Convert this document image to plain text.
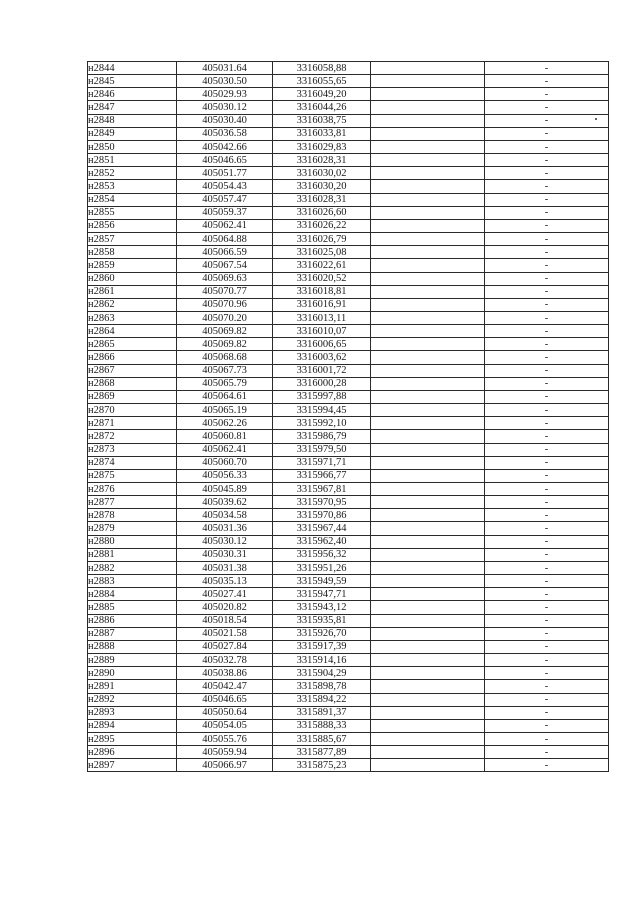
н2844	405031.64	3316058,88		-
н2845	405030.50	3316055,65		-
н2846	405029.93	3316049,20		-
н2847	405030.12	3316044,26		-
н2848	405030.40	3316038,75		-
н2849	405036.58	3316033,81		-
н2850	405042.66	3316029,83		-
н2851	405046.65	3316028,31		-
н2852	405051.77	3316030,02		-
н2853	405054.43	3316030,20		-
н2854	405057.47	3316028,31		-
н2855	405059.37	3316026,60		-
н2856	405062.41	3316026,22		-
н2857	405064.88	3316026,79		-
н2858	405066.59	3316025,08		-
н2859	405067.54	3316022,61		-
н2860	405069.63	3316020,52		-
н2861	405070.77	3316018,81		-
н2862	405070.96	3316016,91		-
н2863	405070.20	3316013,11		-
н2864	405069.82	3316010,07		-
н2865	405069.82	3316006,65		-
н2866	405068.68	3316003,62		-
н2867	405067.73	3316001,72		-
н2868	405065.79	3316000,28		-
н2869	405064.61	3315997,88		-
н2870	405065.19	3315994,45		-
н2871	405062.26	3315992,10		-
н2872	405060.81	3315986,79		-
н2873	405062.41	3315979,50		-
н2874	405060.70	3315971,71		-
н2875	405056.33	3315966,77		-
н2876	405045.89	3315967,81		-
н2877	405039.62	3315970,95		-
н2878	405034.58	3315970,86		-
н2879	405031.36	3315967,44		-
н2880	405030.12	3315962,40		-
н2881	405030.31	3315956,32		-
н2882	405031.38	3315951,26		-
н2883	405035.13	3315949,59		-
н2884	405027.41	3315947,71		-
н2885	405020.82	3315943,12		-
н2886	405018.54	3315935,81		-
н2887	405021.58	3315926,70		-
н2888	405027.84	3315917,39		-
н2889	405032.78	3315914,16		-
н2890	405038.86	3315904,29		-
н2891	405042.47	3315898,78		-
н2892	405046.65	3315894,22		-
н2893	405050.64	3315891,37		-
н2894	405054.05	3315888,33		-
н2895	405055.76	3315885,67		-
н2896	405059.94	3315877,89		-
н2897	405066.97	3315875,23		-
